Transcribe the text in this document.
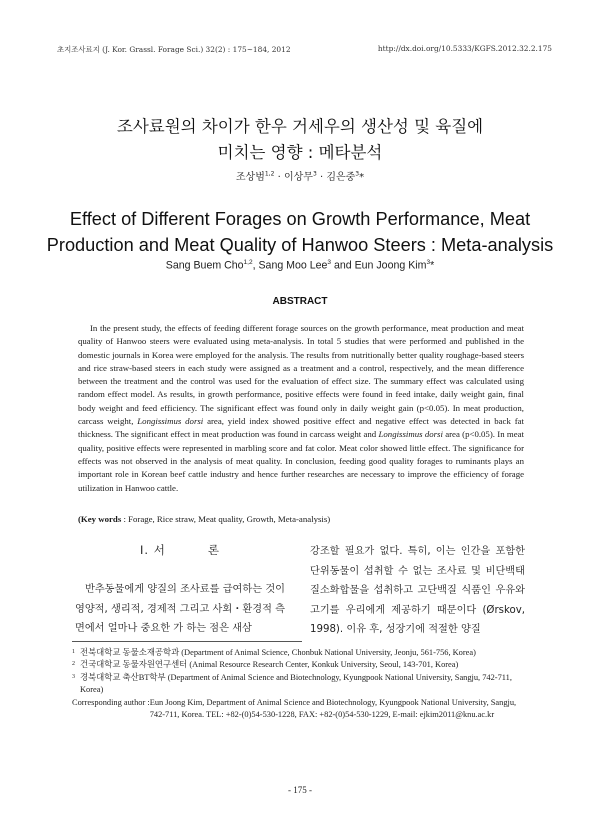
초지조사료지 (J. Kor. Grassl. Forage Sci.) 32(2) : 175~184, 2012	http://dx.doi.org/10.5333/KGFS.2012.32.2.175
조사료원의 차이가 한우 거세우의 생산성 및 육질에
미치는 영향 : 메타분석
조상범$^{1,2}$ · 이상무$^3$ · 김은중$^3$*
Effect of Different Forages on Growth Performance, Meat
Production and Meat Quality of Hanwoo Steers : Meta-analysis
Sang Buem Cho$^{1,2}$, Sang Moo Lee$^3$ and Eun Joong Kim$^3$*
ABSTRACT
In the present study, the effects of feeding different forage sources on the growth performance, meat production and meat quality of Hanwoo steers were evaluated using meta-analysis. In total 5 studies that were performed and published in the domestic journals in Korea were employed for the analysis. The results from nutritionally better quality roughage-based steers and rice straw-based steers in each study were assigned as a treatment and a control, respectively, and the mean difference between the treatment and the control was used for the evaluation of effect size. The summary effect was calculated using random effect model. As results, in growth performance, positive effects were found in feed intake, daily weight gain, final body weight and feed efficiency. The significant effect was found only in daily weight gain (p<0.05). In meat production, carcass weight, Longissimus dorsi area, yield index showed positive effect and negative effect was detected in back fat thickness. The significant effect in meat production was found in carcass weight and Longissimus dorsi area (p<0.05). In meat quality, positive effects were represented in marbling score and fat color. Meat color showed little effect. The significance for effects was not observed in the analysis of meat quality. In conclusion, feeding good quality forages to ruminants plays an important role in Korean beef cattle industry and hence further researches are necessary to improve the efficiency of forage utilization in Hanwoo cattle.
(Key words : Forage, Rice straw, Meat quality, Growth, Meta-analysis)
Ⅰ. 서	론
반추동물에게 양질의 조사료를 급여하는 것이 영양적, 생리적, 경제적 그리고 사회・환경적 측면에서 얼마나 중요한 가 하는 점은 새삼
강조할 필요가 없다. 특히, 이는 인간을 포함한 단위동물이 섭취할 수 없는 조사료 및 비단백태 질소화합물을 섭취하고 고단백질 식품인 우유와 고기를 우리에게 제공하기 때문이다 (Ørskov, 1998). 이유 후, 성장기에 적절한 양질
1 전북대학교 동물소재공학과 (Department of Animal Science, Chonbuk National University, Jeonju, 561-756, Korea)
2 건국대학교 동물자원연구센터 (Animal Resource Research Center, Konkuk University, Seoul, 143-701, Korea)
3 경북대학교 축산BT학부 (Department of Animal Science and Biotechnology, Kyungpook National University, Sangju, 742-711, Korea)
Corresponding author : Eun Joong Kim, Department of Animal Science and Biotechnology, Kyungpook National University, Sangju, 742-711, Korea. TEL: +82-(0)54-530-1228, FAX: +82-(0)54-530-1229, E-mail: ejkim2011@knu.ac.kr
- 175 -
